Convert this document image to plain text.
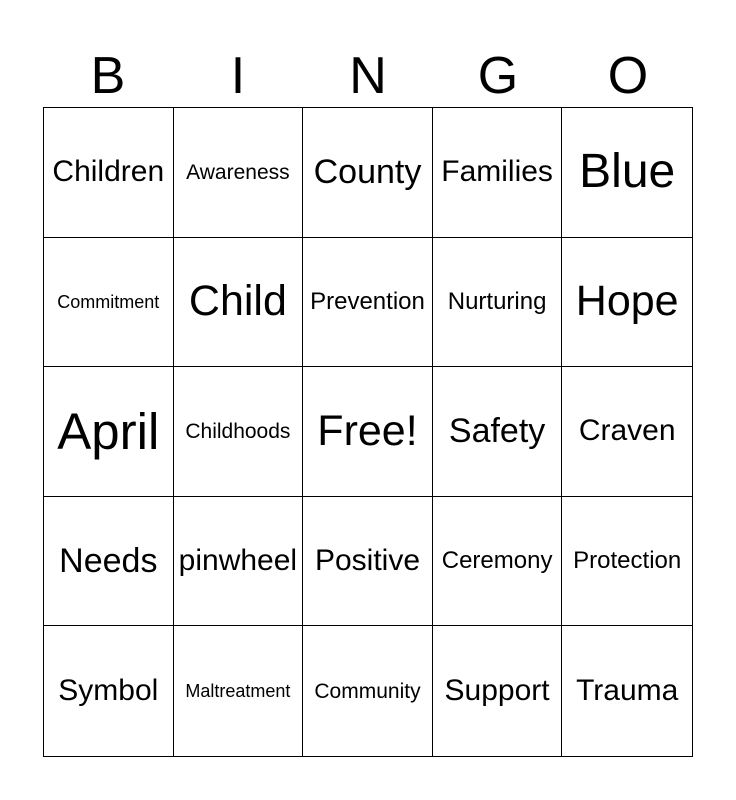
B	I	N	G	O
Children	Awareness County Families Blue
Commitment Child Prevention Nurturing Hope
April	Childhoods Free! Safety	Craven
Needs pinwheel Positive Ceremony Protection
Symbol	Maltreatment	Community Support Trauma
